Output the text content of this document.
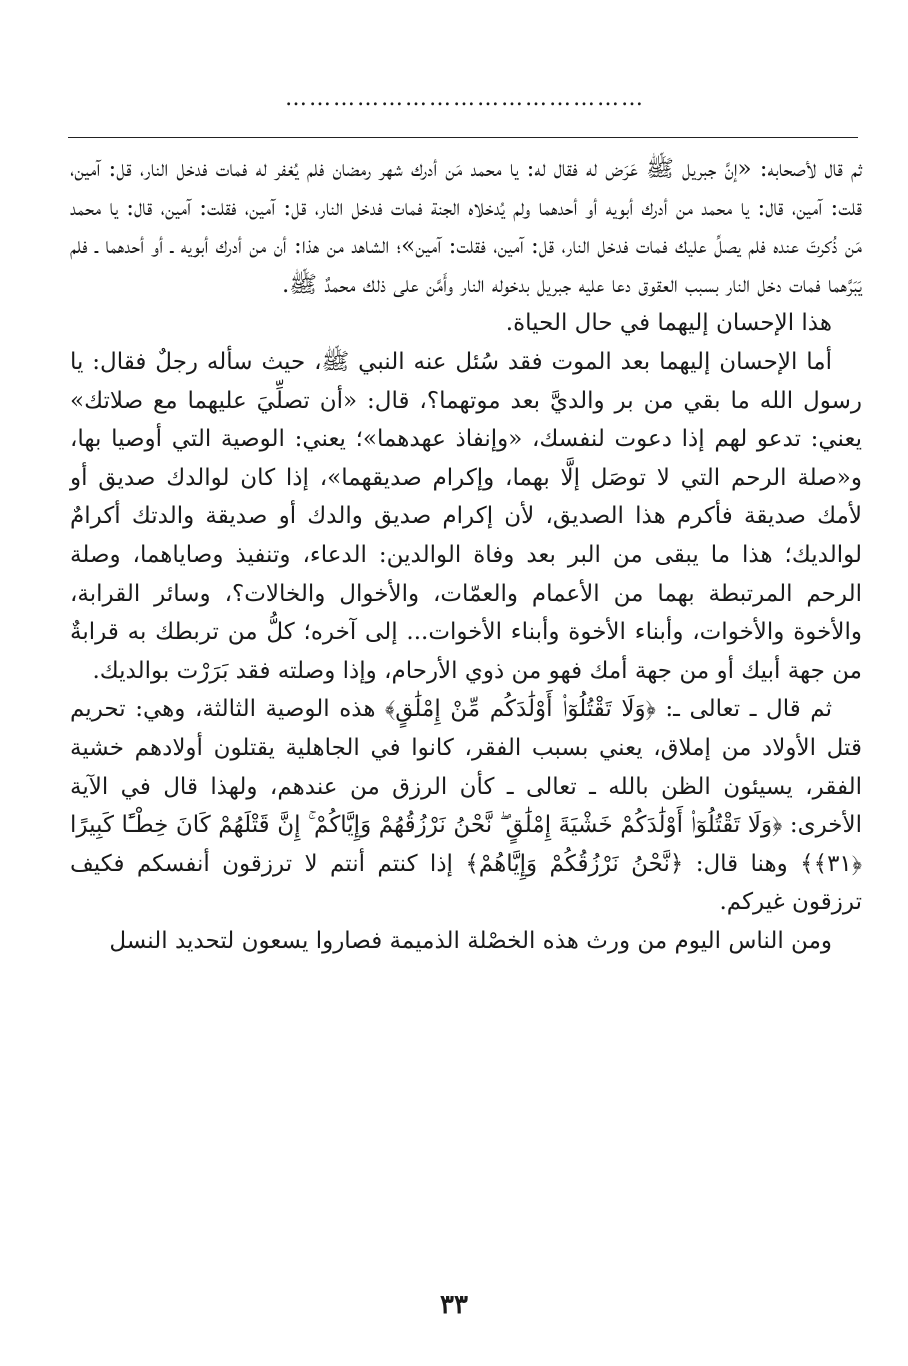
………………………………………

ثم قال لأصحابه: «إنَّ جبريل ﷺ عَرَض له فقال له: يا محمد مَن أدرك شهر رمضان فلم يُغفر له فمات فدخل النار، قل: آمين، قلت: آمين، قال: يا محمد من أدرك أبويه أو أحدهما ولم يُدخلاه الجنة فمات فدخل النار، قل: آمين، فقلت: آمين، قال: يا محمد مَن ذُكرتَ عنده فلم يصلِّ عليك فمات فدخل النار، قل: آمين، فقلت: آمين»؛ الشاهد من هذا: أن من أدرك أبويه ـ أو أحدهما ـ فلم يَبَرَّهما فمات دخل النار بسبب العقوق دعا عليه جبريل بدخوله النار وأَمَّن على ذلك محمدٌ ﷺ.

هذا الإحسان إليهما في حال الحياة.

أما الإحسان إليهما بعد الموت فقد سُئل عنه النبي ﷺ، حيث سأله رجلٌ فقال: يا رسول الله ما بقي من بر والديَّ بعد موتهما؟، قال: «أن تصلِّيَ عليهما مع صلاتك» يعني: تدعو لهم إذا دعوت لنفسك، «وإنفاذ عهدهما»؛ يعني: الوصية التي أوصيا بها، و«صلة الرحم التي لا توصَل إلَّا بهما، وإكرام صديقهما»، إذا كان لوالدك صديق أو لأمك صديقة فأكرم هذا الصديق، لأن إكرام صديق والدك أو صديقة والدتك أكرامٌ لوالديك؛ هذا ما يبقى من البر بعد وفاة الوالدين: الدعاء، وتنفيذ وصاياهما، وصلة الرحم المرتبطة بهما من الأعمام والعمّات، والأخوال والخالات؟، وسائر القرابة، والأخوة والأخوات، وأبناء الأخوة وأبناء الأخوات... إلى آخره؛ كلُّ من تربطك به قرابةٌ من جهة أبيك أو من جهة أمك فهو من ذوي الأرحام، وإذا وصلته فقد بَرَرْت بوالديك.

ثم قال ـ تعالى ـ: ﴿وَلَا تَقْتُلُوٓا۟ أَوْلَٰدَكُم مِّنْ إِمْلَٰقٍ﴾ هذه الوصية الثالثة، وهي: تحريم قتل الأولاد من إملاق، يعني بسبب الفقر، كانوا في الجاهلية يقتلون أولادهم خشية الفقر، يسيئون الظن بالله ـ تعالى ـ كأن الرزق من عندهم، ولهذا قال في الآية الأخرى: ﴿وَلَا تَقْتُلُوٓا۟ أَوْلَٰدَكُمْ خَشْيَةَ إِمْلَٰقٍ ۖ نَّحْنُ نَرْزُقُهُمْ وَإِيَّاكُمْ ۚ إِنَّ قَتْلَهُمْ كَانَ خِطْـًٔا كَبِيرًا ﴿٣١﴾﴾ وهنا قال: ﴿نَّحْنُ نَرْزُقُكُمْ وَإِيَّاهُمْ﴾ إذا كنتم أنتم لا ترزقون أنفسكم فكيف ترزقون غيركم.

ومن الناس اليوم من ورث هذه الخصْلة الذميمة فصاروا يسعون لتحديد النسل

٣٣
